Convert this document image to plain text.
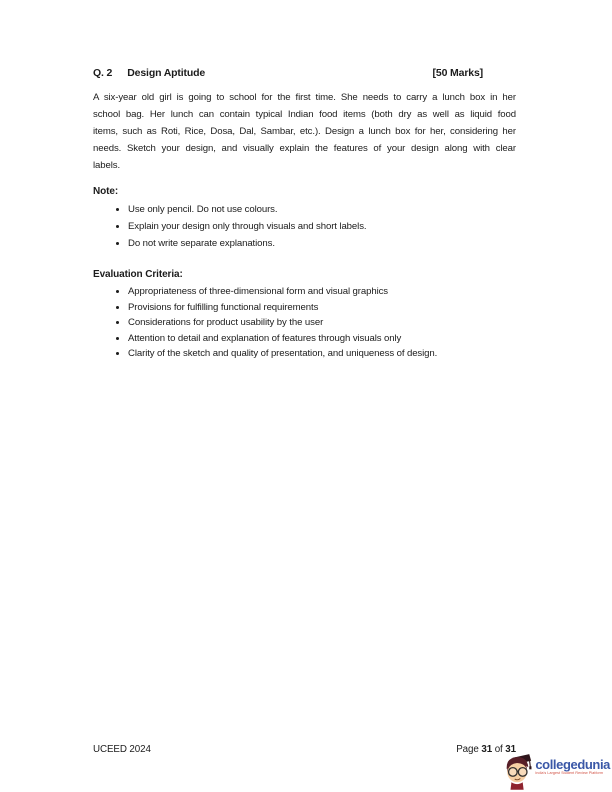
Q. 2 Design Aptitude	[50 Marks]
A six-year old girl is going to school for the first time. She needs to carry a lunch box in her
school bag. Her lunch can contain typical Indian food items (both dry as well as liquid food
items, such as Roti, Rice, Dosa, Dal, Sambar, etc.). Design a lunch box for her, considering her
needs. Sketch your design, and visually explain the features of your design along with clear
labels.
Note:
• Use only pencil. Do not use colours.
• Explain your design only through visuals and short labels.
• Do not write separate explanations.
Evaluation Criteria:
• Appropriateness of three-dimensional form and visual graphics
• Provisions for fulfilling functional requirements
• Considerations for product usability by the user
• Attention to detail and explanation of features through visuals only
• Clarity of the sketch and quality of presentation, and uniqueness of design.
UCEED 2024	Page 31 of 31
collegedunia
India's Largest Student Review Platform
